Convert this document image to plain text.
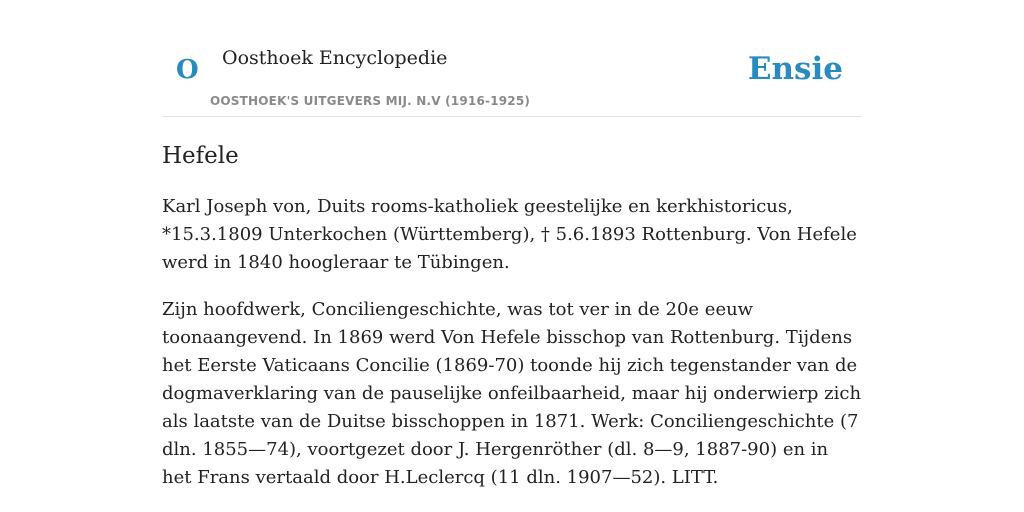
O Oosthoek Encyclopedie
OOSTHOEK'S UITGEVERS MIJ. N.V (1916-1925)
Ensie
Hefele

Karl Joseph von, Duits rooms-katholiek geestelijke en kerkhistoricus, *15.3.1809 Unterkochen (Württemberg), † 5.6.1893 Rottenburg. Von Hefele werd in 1840 hoogleraar te Tübingen.

Zijn hoofdwerk, Conciliengeschichte, was tot ver in de 20e eeuw toonaangevend. In 1869 werd Von Hefele bisschop van Rottenburg. Tijdens het Eerste Vaticaans Concilie (1869-70) toonde hij zich tegenstander van de dogmaverklaring van de pauselijke onfeilbaarheid, maar hij onderwierp zich als laatste van de Duitse bisschoppen in 1871. Werk: Conciliengeschichte (7 dln. 1855—74), voortgezet door J. Hergenröther (dl. 8—9, 1887-90) en in het Frans vertaald door H.Leclercq (11 dln. 1907—52). LITT.
